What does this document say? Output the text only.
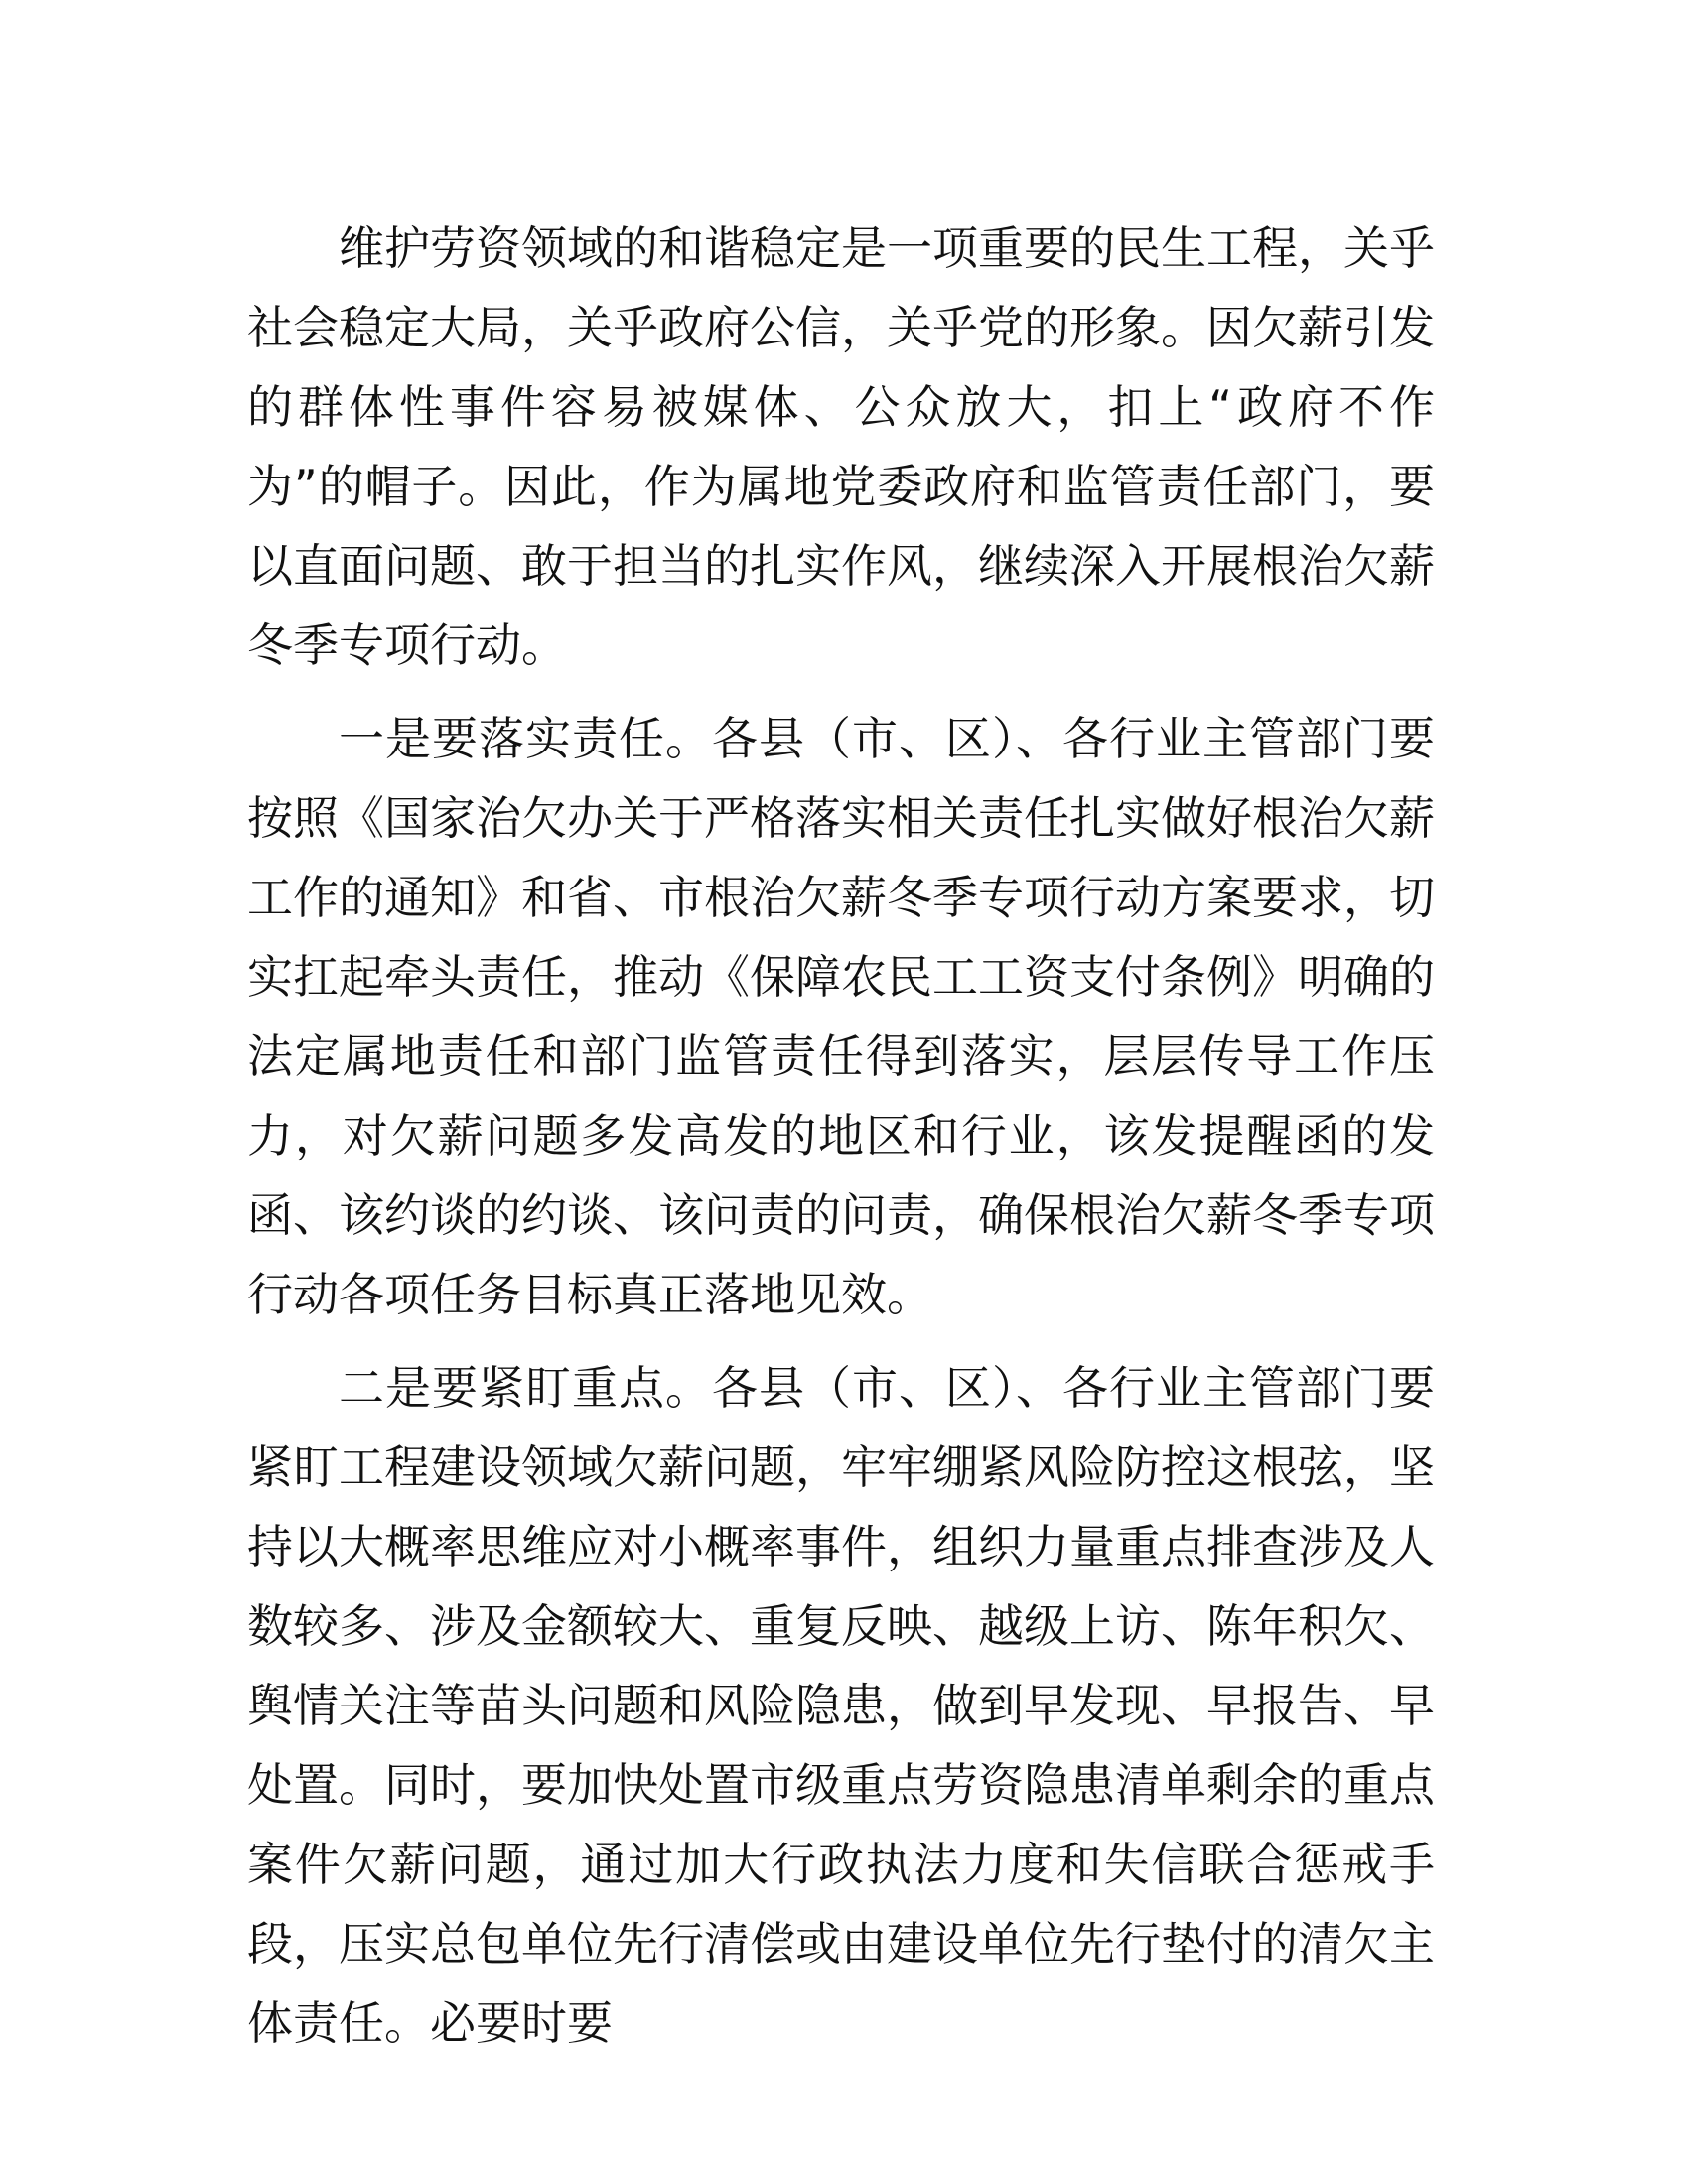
维护劳资领域的和谐稳定是一项重要的民生工程，关乎社会稳定大局，关乎政府公信，关乎党的形象。因欠薪引发的群体性事件容易被媒体、公众放大，扣上“政府不作为”的帽子。因此，作为属地党委政府和监管责任部门，要以直面问题、敢于担当的扎实作风，继续深入开展根治欠薪冬季专项行动。

一是要落实责任。各县（市、区）、各行业主管部门要按照《国家治欠办关于严格落实相关责任扎实做好根治欠薪工作的通知》和省、市根治欠薪冬季专项行动方案要求，切实扛起牵头责任，推动《保障农民工工资支付条例》明确的法定属地责任和部门监管责任得到落实，层层传导工作压力，对欠薪问题多发高发的地区和行业，该发提醒函的发函、该约谈的约谈、该问责的问责，确保根治欠薪冬季专项行动各项任务目标真正落地见效。

二是要紧盯重点。各县（市、区）、各行业主管部门要紧盯工程建设领域欠薪问题，牢牢绷紧风险防控这根弦，坚持以大概率思维应对小概率事件，组织力量重点排查涉及人数较多、涉及金额较大、重复反映、越级上访、陈年积欠、舆情关注等苗头问题和风险隐患，做到早发现、早报告、早处置。同时，要加快处置市级重点劳资隐患清单剩余的重点案件欠薪问题，通过加大行政执法力度和失信联合惩戒手段，压实总包单位先行清偿或由建设单位先行垫付的清欠主体责任。必要时要
